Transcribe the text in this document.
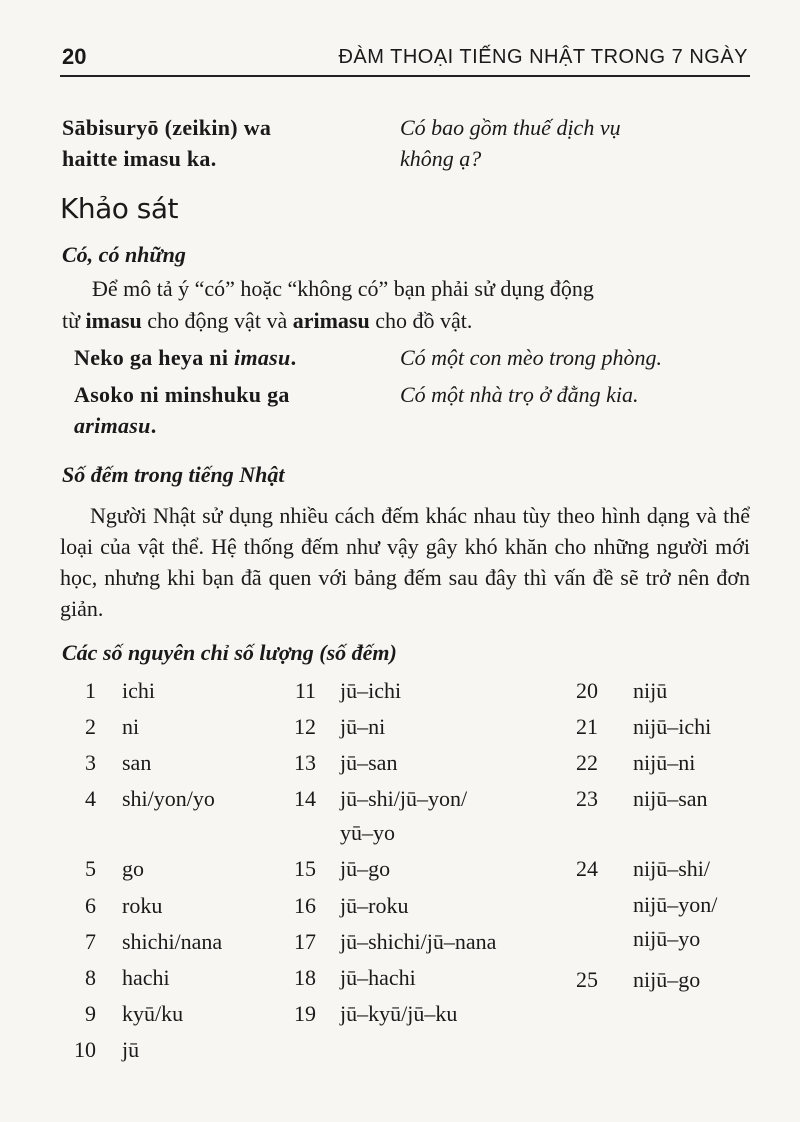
20	ĐÀM THOẠI TIẾNG NHẬT TRONG 7 NGÀY
Sābisuryō (zeikin) wa
haitte imasu ka.
Có bao gồm thuế dịch vụ
không ạ?
Khảo sát
Có, có những
Để mô tả ý “có” hoặc “không có” bạn phải sử dụng động
từ imasu cho động vật và arimasu cho đồ vật.
Neko ga heya ni imasu.	Có một con mèo trong phòng.
Asoko ni minshuku ga
arimasu.
Có một nhà trọ ở đằng kia.
Số đếm trong tiếng Nhật
Người Nhật sử dụng nhiều cách đếm khác nhau tùy theo hình dạng và thể loại của vật thể. Hệ thống đếm như vậy gây khó khăn cho những người mới học, nhưng khi bạn đã quen với bảng đếm sau đây thì vấn đề sẽ trở nên đơn giản.
Các số nguyên chỉ số lượng (số đếm)
1 ichi
2 ni
3 san
4 shi/yon/yo
5 go
6 roku
7 shichi/nana
8 hachi
9 kyū/ku
10 jū
11 jū–ichi
12 jū–ni
13 jū–san
14 jū–shi/jū–yon/
yū–yo
15 jū–go
16 jū–roku
17 jū–shichi/jū–nana
18 jū–hachi
19 jū–kyū/jū–ku
20 nijū
21 nijū–ichi
22 nijū–ni
23 nijū–san
24 nijū–shi/
nijū–yon/
nijū–yo
25 nijū–go
